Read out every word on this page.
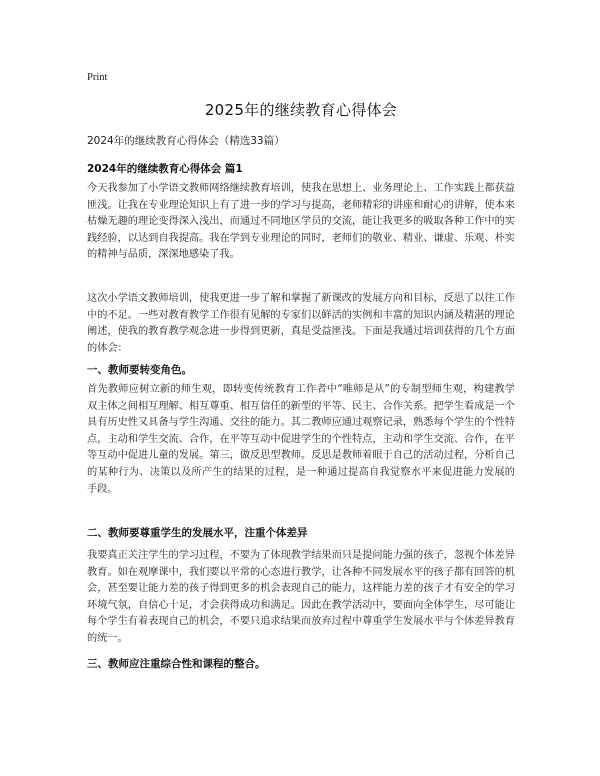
Print
2025年的继续教育心得体会
2024年的继续教育心得体会（精选33篇）
2024年的继续教育心得体会 篇1
今天我参加了小学语文教师网络继续教育培训，使我在思想上、业务理论上、工作实践上都获益匪浅。让我在专业理论知识上有了进一步的学习与提高，老师精彩的讲座和耐心的讲解，使本来枯燥无趣的理论变得深入浅出，而通过不同地区学员的交流，能让我更多的吸取各种工作中的实践经验，以达到自我提高。我在学到专业理论的同时，老师们的敬业、精业、谦虚、乐观、朴实的精神与品质，深深地感染了我。
这次小学语文教师培训，使我更进一步了解和掌握了新课改的发展方向和目标，反思了以往工作中的不足。一些对教育教学工作很有见解的专家们以鲜活的实例和丰富的知识内涵及精湛的理论阐述，使我的教育教学观念进一步得到更新，真是受益匪浅。下面是我通过培训获得的几个方面的体会：
一、教师要转变角色。
首先教师应树立新的师生观，即转变传统教育工作者中“唯师是从”的专制型师生观，构建教学双主体之间相互理解、相互尊重、相互信任的新型的平等、民主、合作关系。把学生看成是一个具有历史性又具备与学生沟通、交往的能力。其二教师应通过观察记录，熟悉每个学生的个性特点，主动和学生交流、合作，在平等互动中促进学生的个性特点，主动和学生交流、合作，在平等互动中促进儿童的发展。第三，做反思型教师。反思是教师着眼于自己的活动过程，分析自己的某种行为、决策以及所产生的结果的过程，是一种通过提高自我觉察水平来促进能力发展的 手段。
二、教师要尊重学生的发展水平，注重个体差异
我要真正关注学生的学习过程，不要为了体现教学结果而只是提问能力强的孩子，忽视个体差异教育。如在观摩课中，我们要以平常的心态进行教学，让各种不同发展水平的孩子都有回答的机会，甚至要让能力差的孩子得到更多的机会表现自己的能力，这样能力差的孩子才有安全的学习环境气氛，自信心十足，才会获得成功和满足。因此在教学活动中，要面向全体学生，尽可能让每个学生有着表现自己的机会，不要只追求结果而放弃过程中尊重学生发展水平与个体差异教育的统一。
三、教师应注重综合性和课程的整合。
